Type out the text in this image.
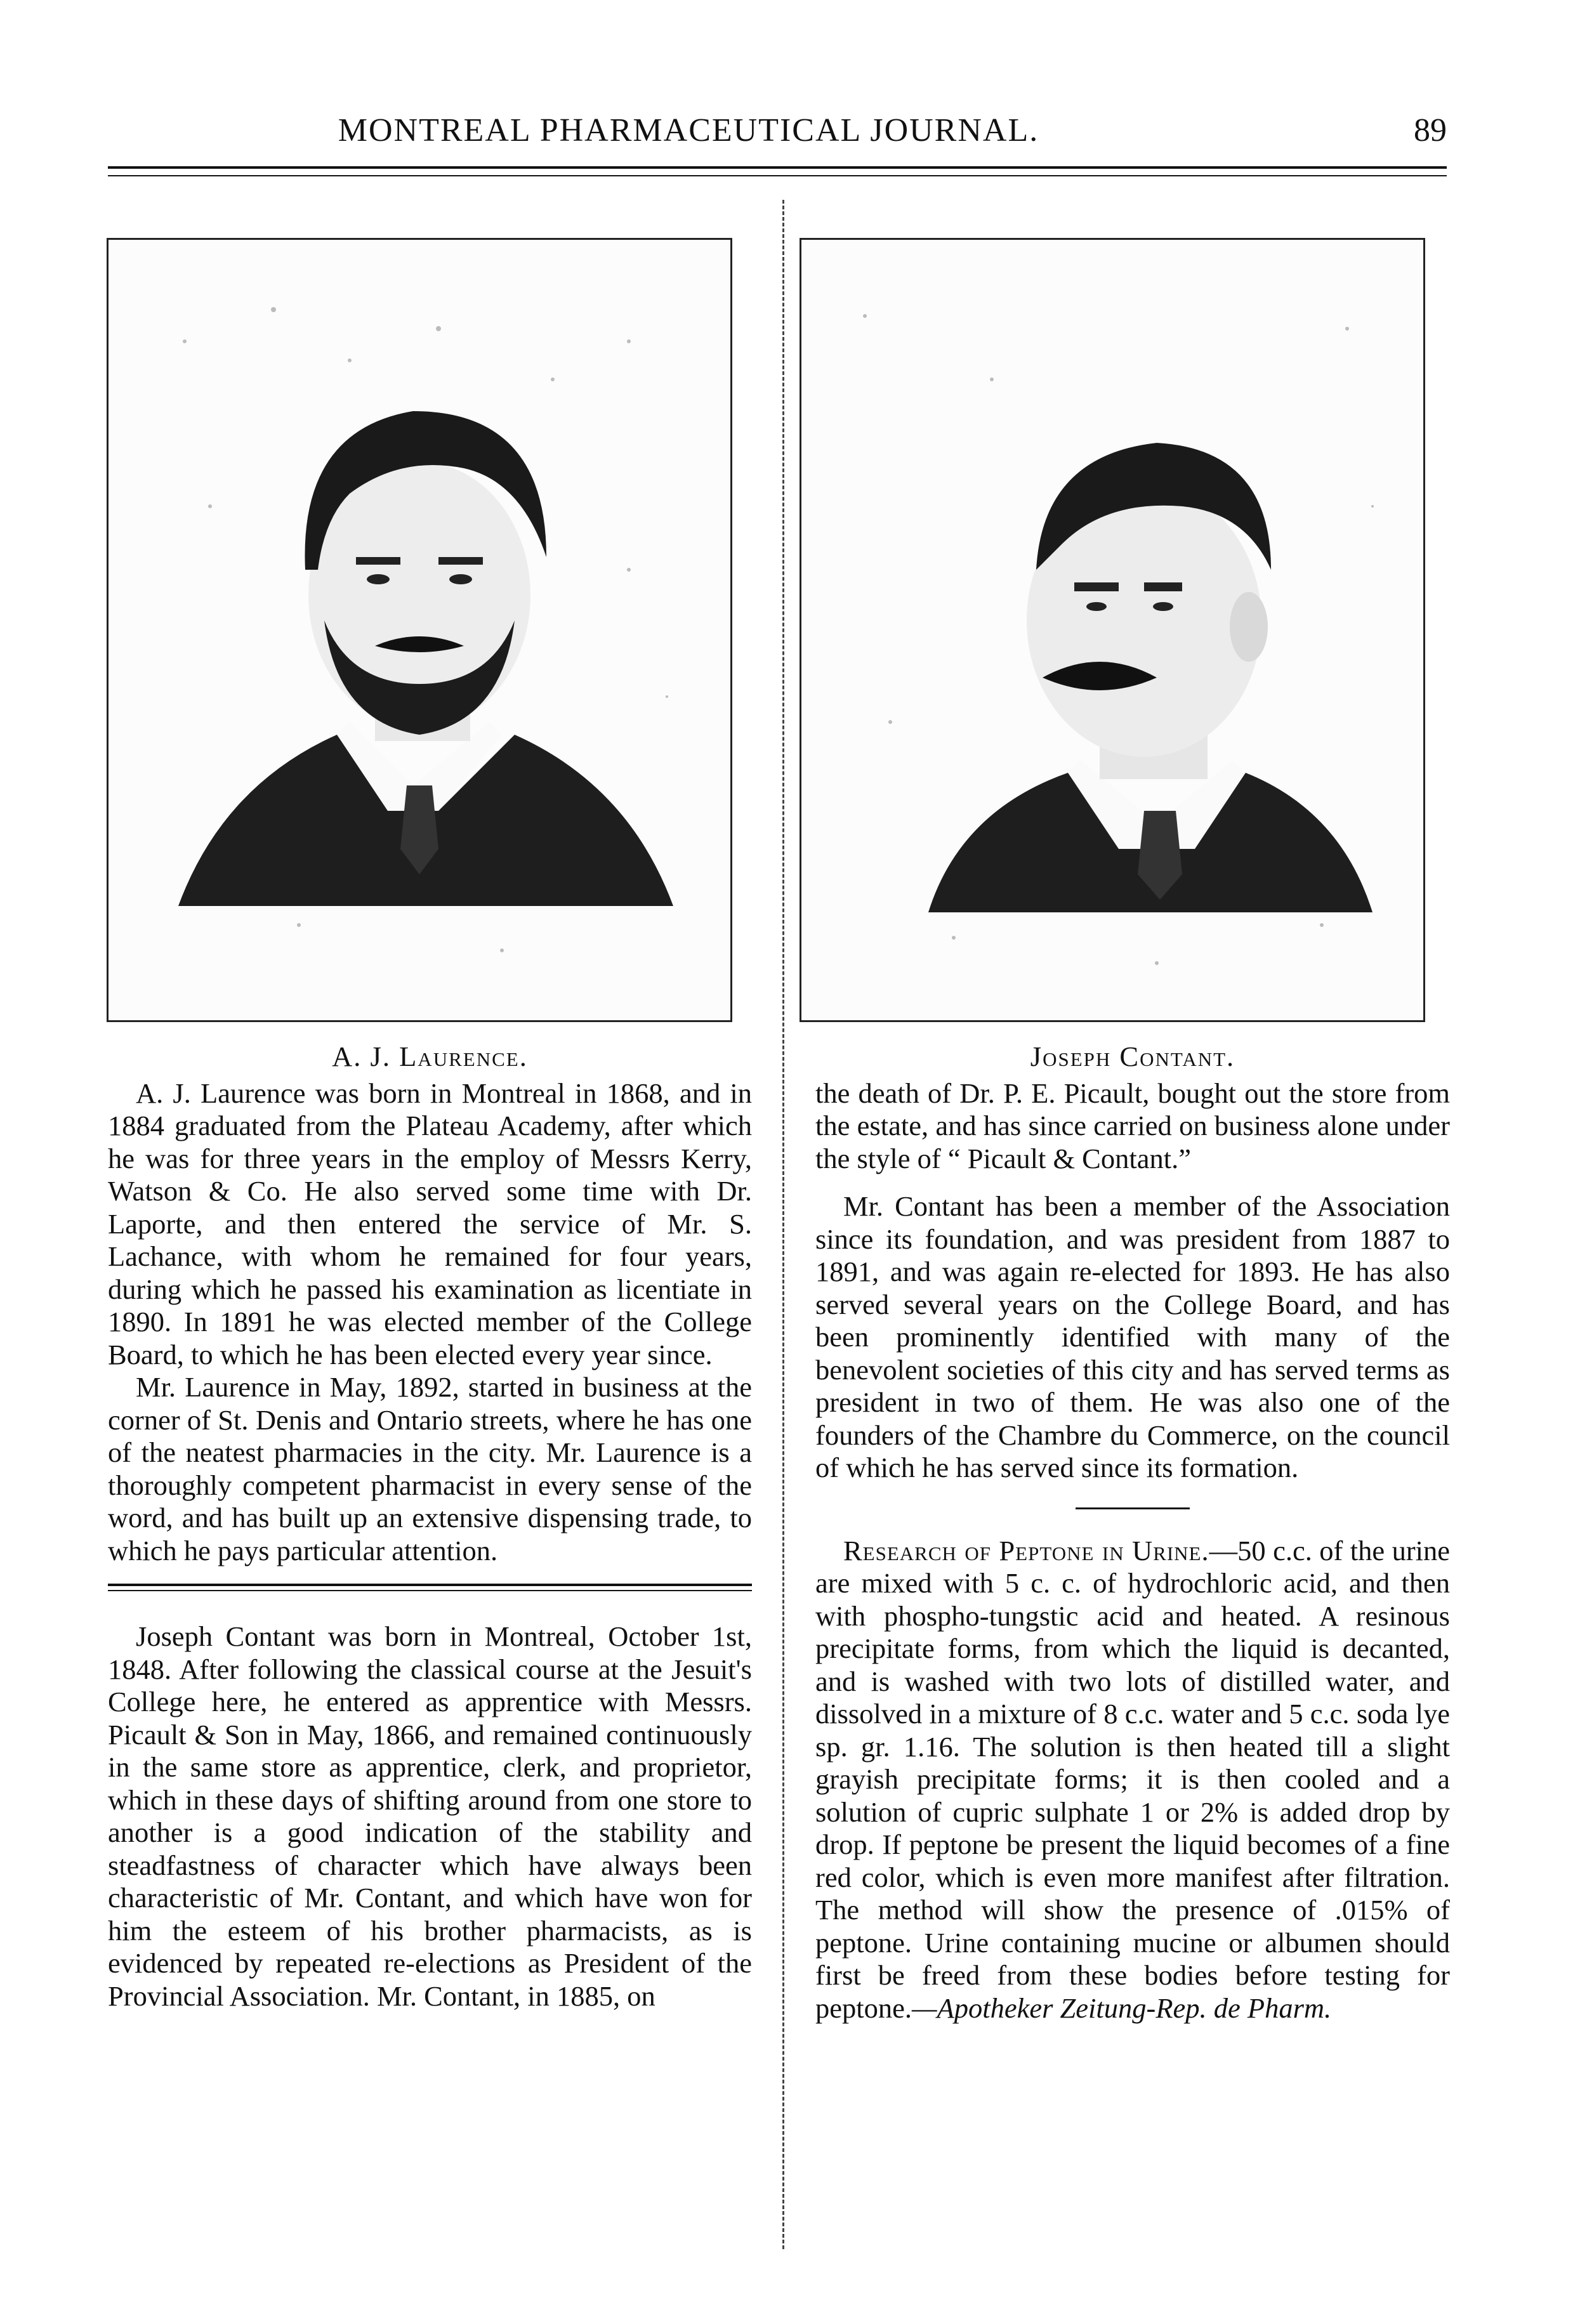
MONTREAL PHARMACEUTICAL JOURNAL.	89

A. J. Laurence.

A. J. Laurence was born in Montreal in 1868, and in 1884 graduated from the Plateau Academy, after which he was for three years in the employ of Messrs Kerry, Watson & Co. He also served some time with Dr. Laporte, and then entered the service of Mr. S. Lachance, with whom he remained for four years, during which he passed his examination as licentiate in 1890. In 1891 he was elected member of the College Board, to which he has been elected every year since.

Mr. Laurence in May, 1892, started in business at the corner of St. Denis and Ontario streets, where he has one of the neatest pharmacies in the city. Mr. Laurence is a thoroughly competent pharmacist in every sense of the word, and has built up an extensive dispensing trade, to which he pays particular attention.

Joseph Contant was born in Montreal, October 1st, 1848. After following the classical course at the Jesuit's College here, he entered as apprentice with Messrs. Picault & Son in May, 1866, and remained continuously in the same store as apprentice, clerk, and proprietor, which in these days of shifting around from one store to another is a good indication of the stability and steadfastness of character which have always been characteristic of Mr. Contant, and which have won for him the esteem of his brother pharmacists, as is evidenced by repeated re-elections as President of the Provincial Association. Mr. Contant, in 1885, on

Joseph Contant.

the death of Dr. P. E. Picault, bought out the store from the estate, and has since carried on business alone under the style of “ Picault & Contant.”

Mr. Contant has been a member of the Association since its foundation, and was president from 1887 to 1891, and was again re-elected for 1893. He has also served several years on the College Board, and has been prominently identified with many of the benevolent societies of this city and has served terms as president in two of them. He was also one of the founders of the Chambre du Commerce, on the council of which he has served since its formation.

Research of Peptone in Urine.—50 c.c. of the urine are mixed with 5 c. c. of hydrochloric acid, and then with phospho-tungstic acid and heated. A resinous precipitate forms, from which the liquid is decanted, and is washed with two lots of distilled water, and dissolved in a mixture of 8 c.c. water and 5 c.c. soda lye sp. gr. 1.16. The solution is then heated till a slight grayish precipitate forms; it is then cooled and a solution of cupric sulphate 1 or 2% is added drop by drop. If peptone be present the liquid becomes of a fine red color, which is even more manifest after filtration. The method will show the presence of .015% of peptone. Urine containing mucine or albumen should first be freed from these bodies before testing for peptone.—Apotheker Zeitung-Rep. de Pharm.
